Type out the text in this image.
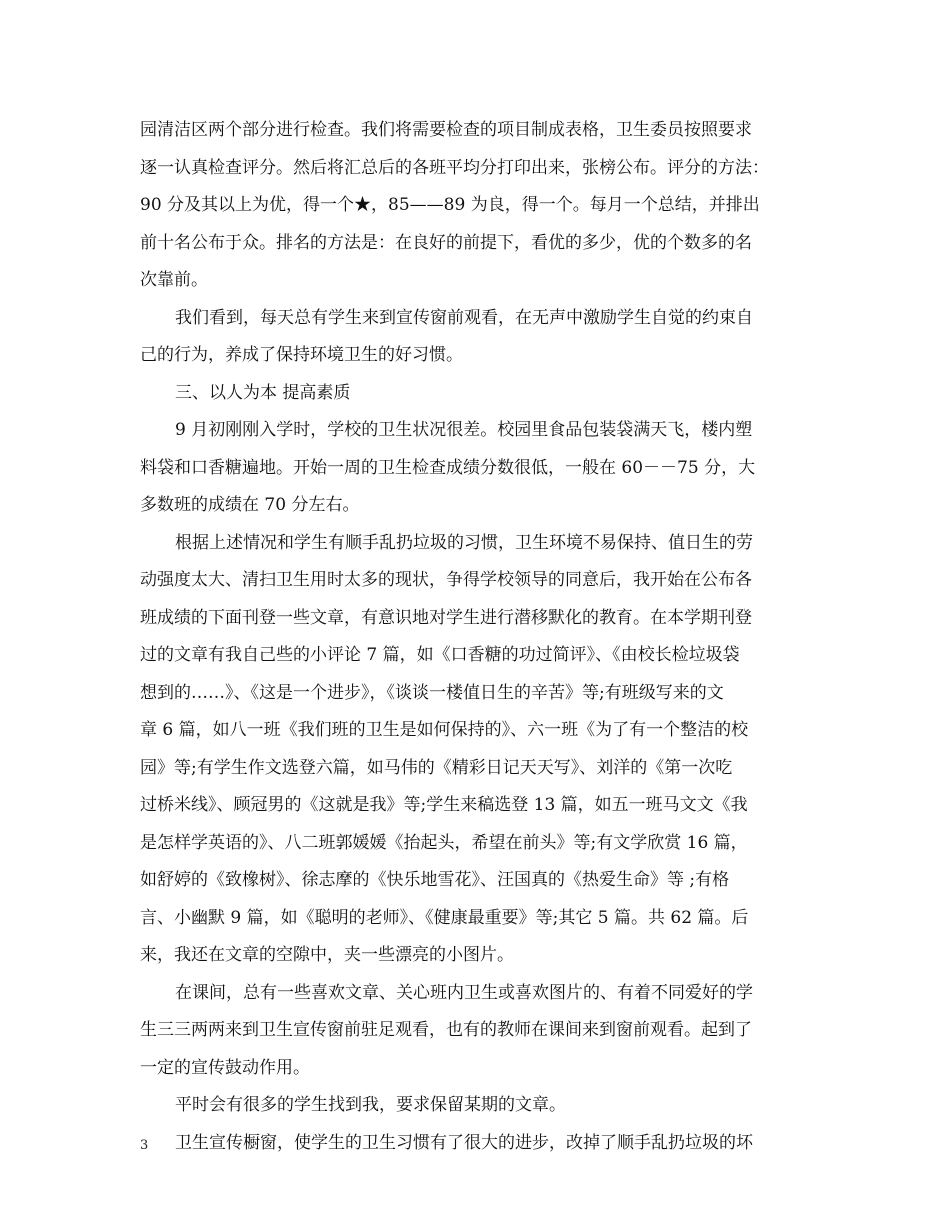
园清洁区两个部分进行检查。我们将需要检查的项目制成表格，卫生委员按照要求
逐一认真检查评分。然后将汇总后的各班平均分打印出来，张榜公布。评分的方法：
90 分及其以上为优，得一个★，85——89 为良，得一个。每月一个总结，并排出
前十名公布于众。排名的方法是：在良好的前提下，看优的多少，优的个数多的名
次靠前。
我们看到，每天总有学生来到宣传窗前观看，在无声中激励学生自觉的约束自
己的行为，养成了保持环境卫生的好习惯。
三、以人为本 提高素质
9 月初刚刚入学时，学校的卫生状况很差。校园里食品包装袋满天飞，楼内塑
料袋和口香糖遍地。开始一周的卫生检查成绩分数很低，一般在 60－－75 分，大
多数班的成绩在 70 分左右。
根据上述情况和学生有顺手乱扔垃圾的习惯，卫生环境不易保持、值日生的劳
动强度太大、清扫卫生用时太多的现状，争得学校领导的同意后，我开始在公布各
班成绩的下面刊登一些文章，有意识地对学生进行潜移默化的教育。在本学期刊登
过的文章有我自己些的小评论 7 篇，如《口香糖的功过简评》、《由校长检垃圾袋
想到的……》、《这是一个进步》，《谈谈一楼值日生的辛苦》等;有班级写来的文
章 6 篇，如八一班《我们班的卫生是如何保持的》、六一班《为了有一个整洁的校
园》等;有学生作文选登六篇，如马伟的《精彩日记天天写》、刘洋的《第一次吃
过桥米线》、顾冠男的《这就是我》等;学生来稿选登 13 篇，如五一班马文文《我
是怎样学英语的》、八二班郭媛媛《抬起头，希望在前头》等;有文学欣赏 16 篇，
如舒婷的《致橡树》、徐志摩的《快乐地雪花》、汪国真的《热爱生命》等 ;有格
言、小幽默 9 篇，如《聪明的老师》、《健康最重要》等;其它 5 篇。共 62 篇。后
来，我还在文章的空隙中，夹一些漂亮的小图片。
在课间，总有一些喜欢文章、关心班内卫生或喜欢图片的、有着不同爱好的学
生三三两两来到卫生宣传窗前驻足观看，也有的教师在课间来到窗前观看。起到了
一定的宣传鼓动作用。
平时会有很多的学生找到我，要求保留某期的文章。
卫生宣传橱窗，使学生的卫生习惯有了很大的进步，改掉了顺手乱扔垃圾的坏
3
